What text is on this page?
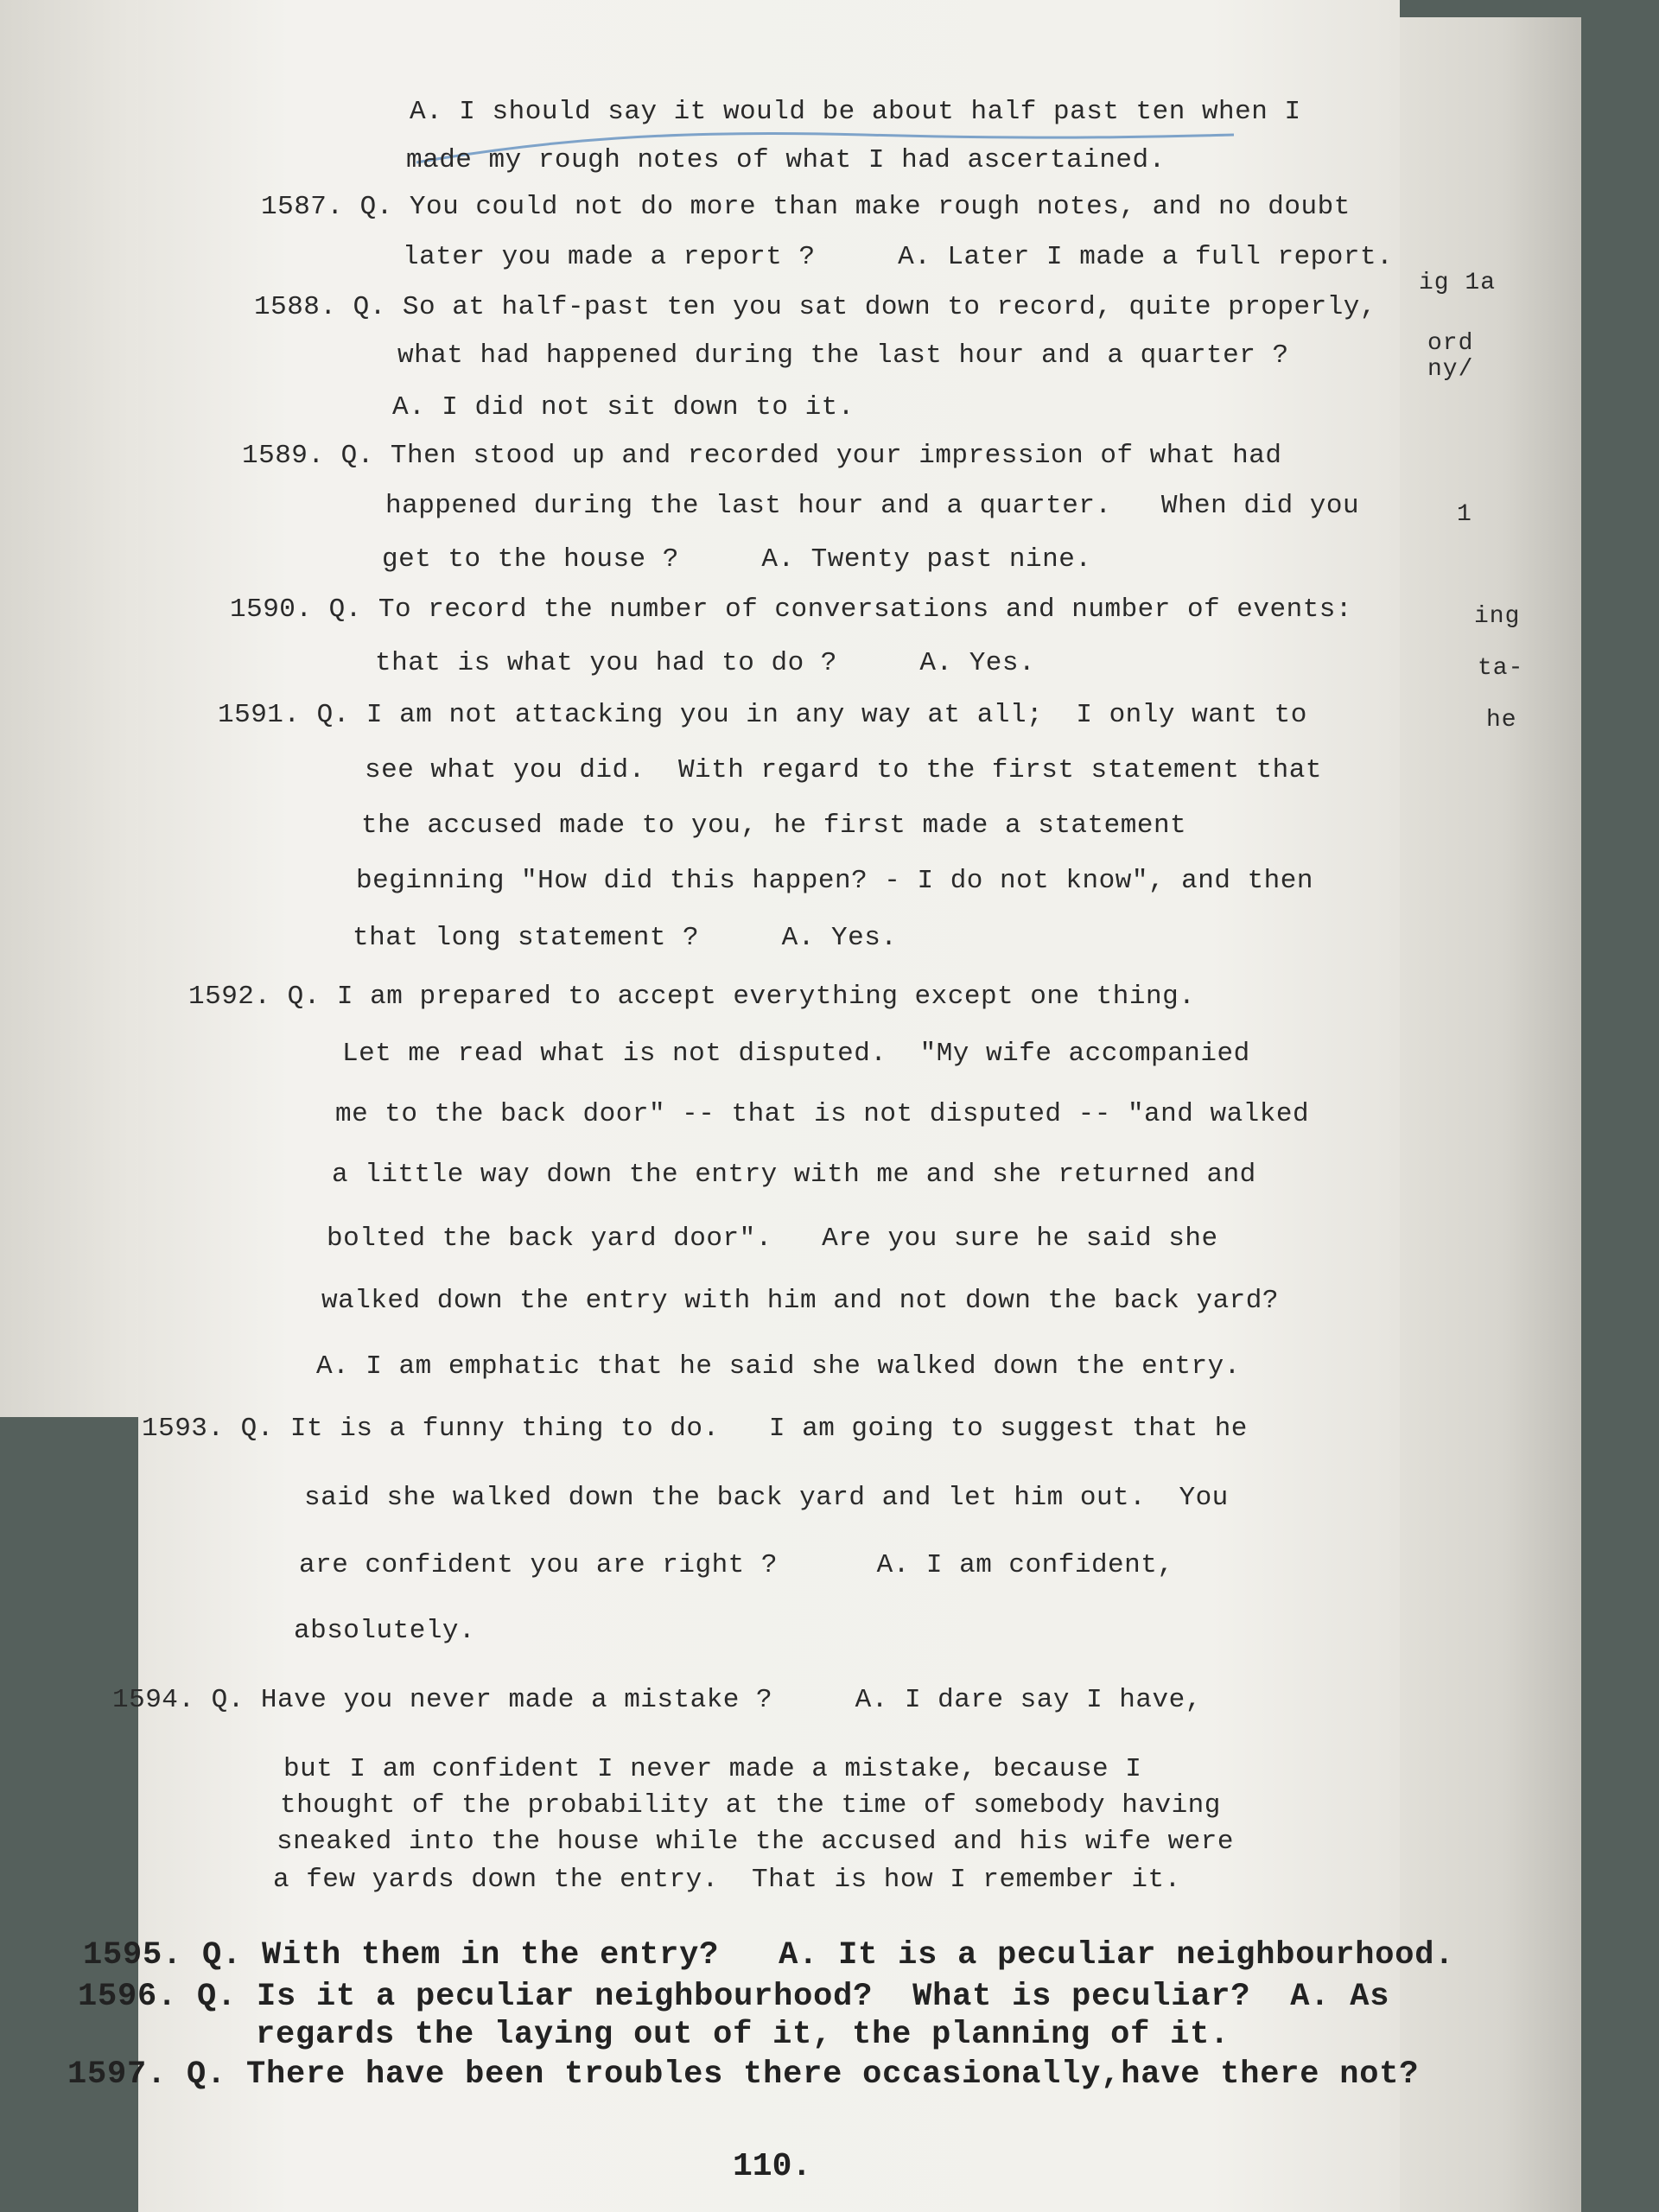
ig 1a
ord
ny/
1
ing
ta-
he
A. I should say it would be about half past ten when I
made my rough notes of what I had ascertained.
1587. Q. You could not do more than make rough notes, and no doubt
later you made a report ?     A. Later I made a full report.
1588. Q. So at half-past ten you sat down to record, quite properly,
what had happened during the last hour and a quarter ?
A. I did not sit down to it.
1589. Q. Then stood up and recorded your impression of what had
happened during the last hour and a quarter.   When did you
get to the house ?     A. Twenty past nine.
1590. Q. To record the number of conversations and number of events:
that is what you had to do ?     A. Yes.
1591. Q. I am not attacking you in any way at all;  I only want to
see what you did.  With regard to the first statement that
the accused made to you, he first made a statement
beginning "How did this happen? - I do not know", and then
that long statement ?     A. Yes.
1592. Q. I am prepared to accept everything except one thing.
Let me read what is not disputed.  "My wife accompanied
me to the back door" -- that is not disputed -- "and walked
a little way down the entry with me and she returned and
bolted the back yard door".   Are you sure he said she
walked down the entry with him and not down the back yard?
A. I am emphatic that he said she walked down the entry.
1593. Q. It is a funny thing to do.   I am going to suggest that he
said she walked down the back yard and let him out.  You
are confident you are right ?      A. I am confident,
absolutely.
1594. Q. Have you never made a mistake ?     A. I dare say I have,
but I am confident I never made a mistake, because I
thought of the probability at the time of somebody having
sneaked into the house while the accused and his wife were
a few yards down the entry.  That is how I remember it.
1595. Q. With them in the entry?   A. It is a peculiar neighbourhood.
1596. Q. Is it a peculiar neighbourhood?  What is peculiar?  A. As
regards the laying out of it, the planning of it.
1597. Q. There have been troubles there occasionally,have there not?
110.
